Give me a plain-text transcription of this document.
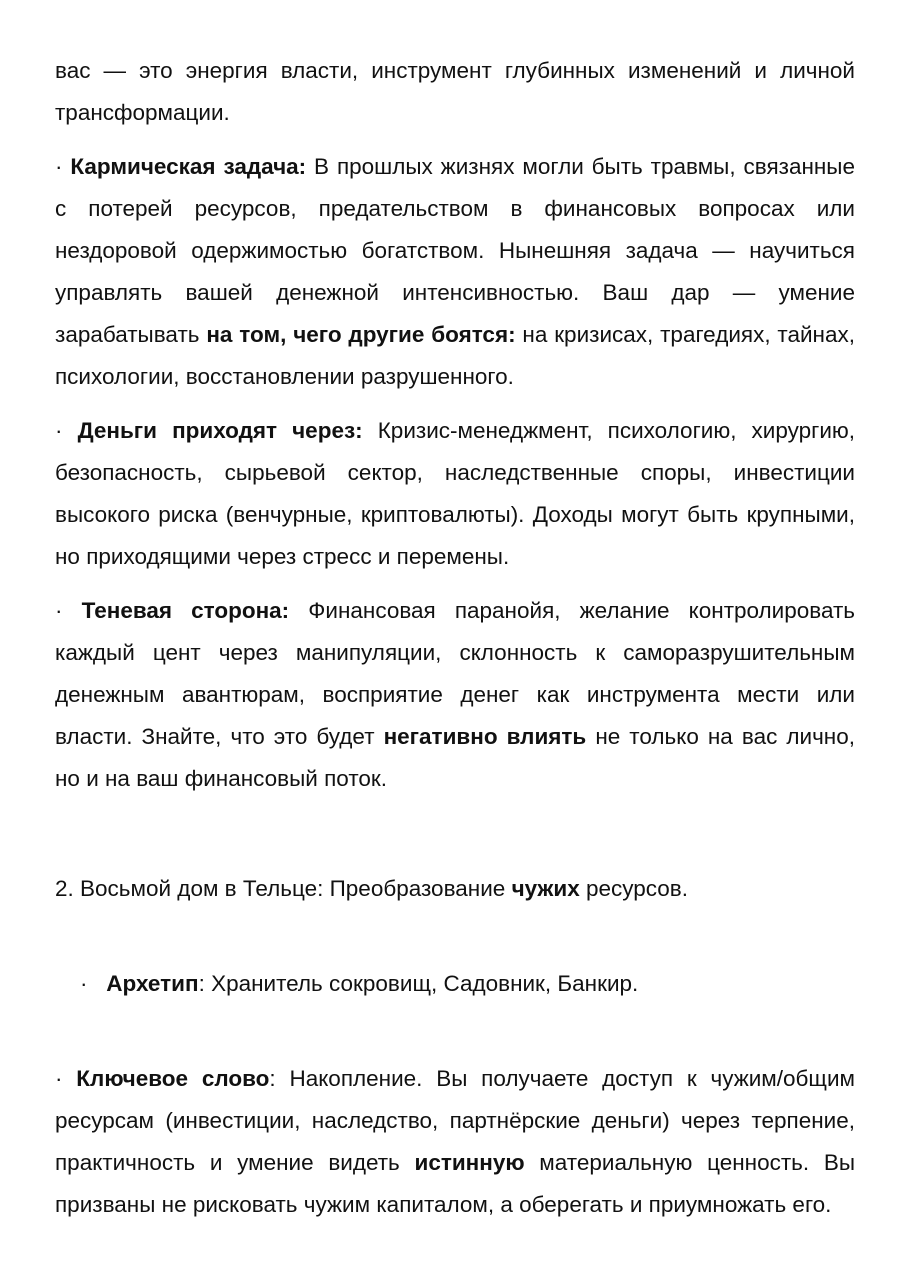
вас — это энергия власти, инструмент глубинных изменений и личной трансформации.

· Кармическая задача: В прошлых жизнях могли быть травмы, связанные с потерей ресурсов, предательством в финансовых вопросах или нездоровой одержимостью богатством. Нынешняя задача — научиться управлять вашей денежной интенсивностью. Ваш дар — умение зарабатывать на том, чего другие боятся: на кризисах, трагедиях, тайнах, психологии, восстановлении разрушенного.

· Деньги приходят через: Кризис-менеджмент, психологию, хирургию, безопасность, сырьевой сектор, наследственные споры, инвестиции высокого риска (венчурные, криптовалюты). Доходы могут быть крупными, но приходящими через стресс и перемены.

· Теневая сторона: Финансовая паранойя, желание контролировать каждый цент через манипуляции, склонность к саморазрушительным денежным авантюрам, восприятие денег как инструмента мести или власти. Знайте, что это будет негативно влиять не только на вас лично, но и на ваш финансовый поток.

2. Восьмой дом в Тельце: Преобразование чужих ресурсов.

·   Архетип: Хранитель сокровищ, Садовник, Банкир.

· Ключевое слово: Накопление. Вы получаете доступ к чужим/общим ресурсам (инвестиции, наследство, партнёрские деньги) через терпение, практичность и умение видеть истинную материальную ценность. Вы призваны не рисковать чужим капиталом, а оберегать и приумножать его.
